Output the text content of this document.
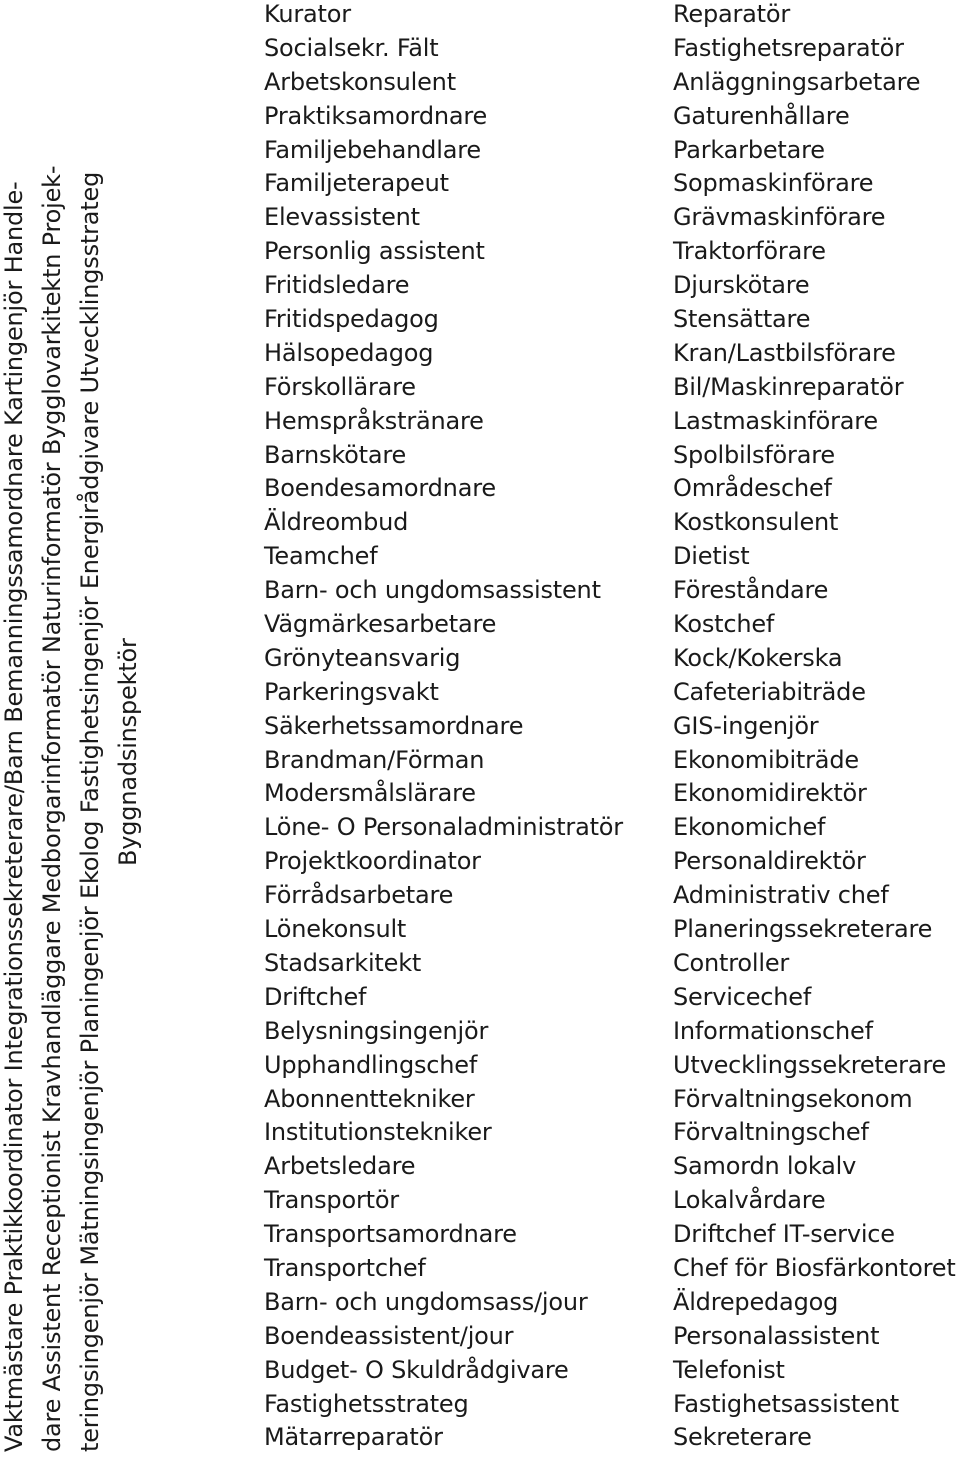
Vaktmästare Praktikkoordinator Integrationssekreterare/Barn Bemanningssamordnare Kartingenjör Handle- dare Assistent Receptionist Kravhandläggare Medborgarinformatör Naturinformatör Bygglovarkitektn Projek- teringsingenjör Mätningsingenjör Planingenjör Ekolog Fastighetsingenjör Energirådgivare Utvecklingsstrateg Byggnadsinspektör
Kurator
Socialsekr. Fält
Arbetskonsulent
Praktiksamordnare
Familjebehandlare
Familjeterapeut
Elevassistent
Personlig assistent
Fritidsledare
Fritidspedagog
Hälsopedagog
Förskollärare
Hemspråkstränare
Barnskötare
Boendesamordnare
Äldreombud
Teamchef
Barn- och ungdomsassistent
Vägmärkesarbetare
Grönyteansvarig
Parkeringsvakt
Säkerhetssamordnare
Brandman/Förman
Modersmålslärare
Löne- O Personaladministratör
Projektkoordinator
Förrådsarbetare
Lönekonsult
Stadsarkitekt
Driftchef
Belysningsingenjör
Upphandlingschef
Abonnenttekniker
Institutionstekniker
Arbetsledare
Transportör
Transportsamordnare
Transportchef
Barn- och ungdomsass/jour
Boendeassistent/jour
Budget- O Skuldrådgivare
Fastighetsstrateg
Mätarreparatör
Reparatör
Fastighetsreparatör
Anläggningsarbetare
Gaturenhållare
Parkarbetare
Sopmaskinförare
Grävmaskinförare
Traktorförare
Djurskötare
Stensättare
Kran/Lastbilsförare
Bil/Maskinreparatör
Lastmaskinförare
Spolbilsförare
Områdeschef
Kostkonsulent
Dietist
Föreståndare
Kostchef
Kock/Kokerska
Cafeteriabiträde
GIS-ingenjör
Ekonomibiträde
Ekonomidirektör
Ekonomichef
Personaldirektör
Administrativ chef
Planeringssekreterare
Controller
Servicechef
Informationschef
Utvecklingssekreterare
Förvaltningsekonom
Förvaltningschef
Samordn lokalv
Lokalvårdare
Driftchef IT-service
Chef för Biosfärkontoret
Äldrepedagog
Personalassistent
Telefonist
Fastighetsassistent
Sekreterare
